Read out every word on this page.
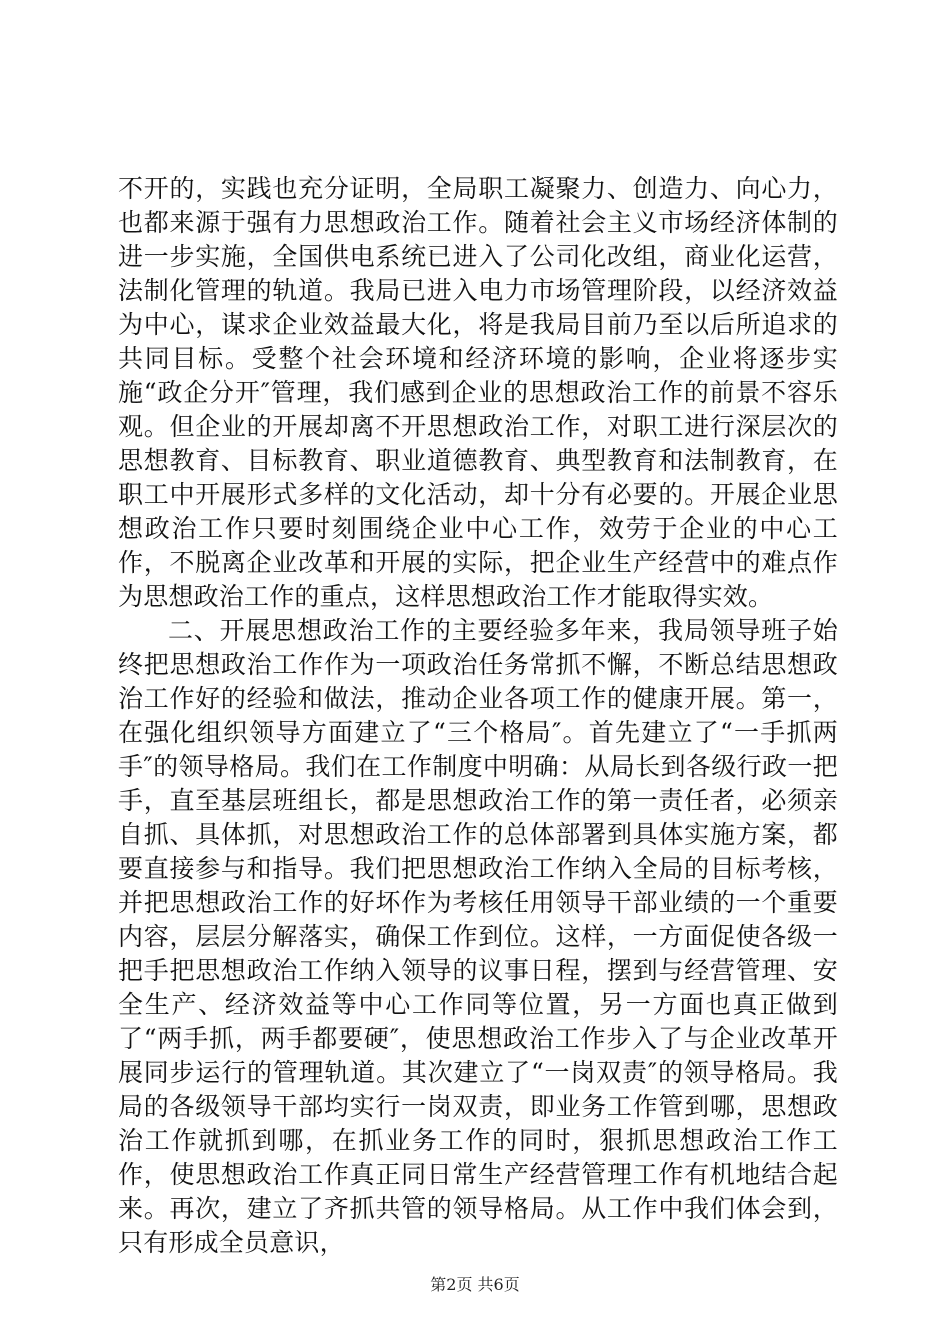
不开的，实践也充分证明，全局职工凝聚力、创造力、向心力，也都来源于强有力思想政治工作。随着社会主义市场经济体制的进一步实施，全国供电系统已进入了公司化改组，商业化运营，法制化管理的轨道。我局已进入电力市场管理阶段，以经济效益为中心，谋求企业效益最大化，将是我局目前乃至以后所追求的共同目标。受整个社会环境和经济环境的影响，企业将逐步实施“政企分开″管理，我们感到企业的思想政治工作的前景不容乐观。但企业的开展却离不开思想政治工作，对职工进行深层次的思想教育、目标教育、职业道德教育、典型教育和法制教育，在职工中开展形式多样的文化活动，却十分有必要的。开展企业思想政治工作只要时刻围绕企业中心工作，效劳于企业的中心工作，不脱离企业改革和开展的实际，把企业生产经营中的难点作为思想政治工作的重点，这样思想政治工作才能取得实效。

二、开展思想政治工作的主要经验多年来，我局领导班子始终把思想政治工作作为一项政治任务常抓不懈，不断总结思想政治工作好的经验和做法，推动企业各项工作的健康开展。第一，在强化组织领导方面建立了“三个格局″。首先建立了“一手抓两手″的领导格局。我们在工作制度中明确：从局长到各级行政一把手，直至基层班组长，都是思想政治工作的第一责任者，必须亲自抓、具体抓，对思想政治工作的总体部署到具体实施方案，都要直接参与和指导。我们把思想政治工作纳入全局的目标考核，并把思想政治工作的好坏作为考核任用领导干部业绩的一个重要内容，层层分解落实，确保工作到位。这样，一方面促使各级一把手把思想政治工作纳入领导的议事日程，摆到与经营管理、安全生产、经济效益等中心工作同等位置，另一方面也真正做到了“两手抓，两手都要硬″，使思想政治工作步入了与企业改革开展同步运行的管理轨道。其次建立了“一岗双责″的领导格局。我局的各级领导干部均实行一岗双责，即业务工作管到哪，思想政治工作就抓到哪，在抓业务工作的同时，狠抓思想政治工作工作，使思想政治工作真正同日常生产经营管理工作有机地结合起来。再次，建立了齐抓共管的领导格局。从工作中我们体会到，只有形成全员意识，

第2页 共6页
